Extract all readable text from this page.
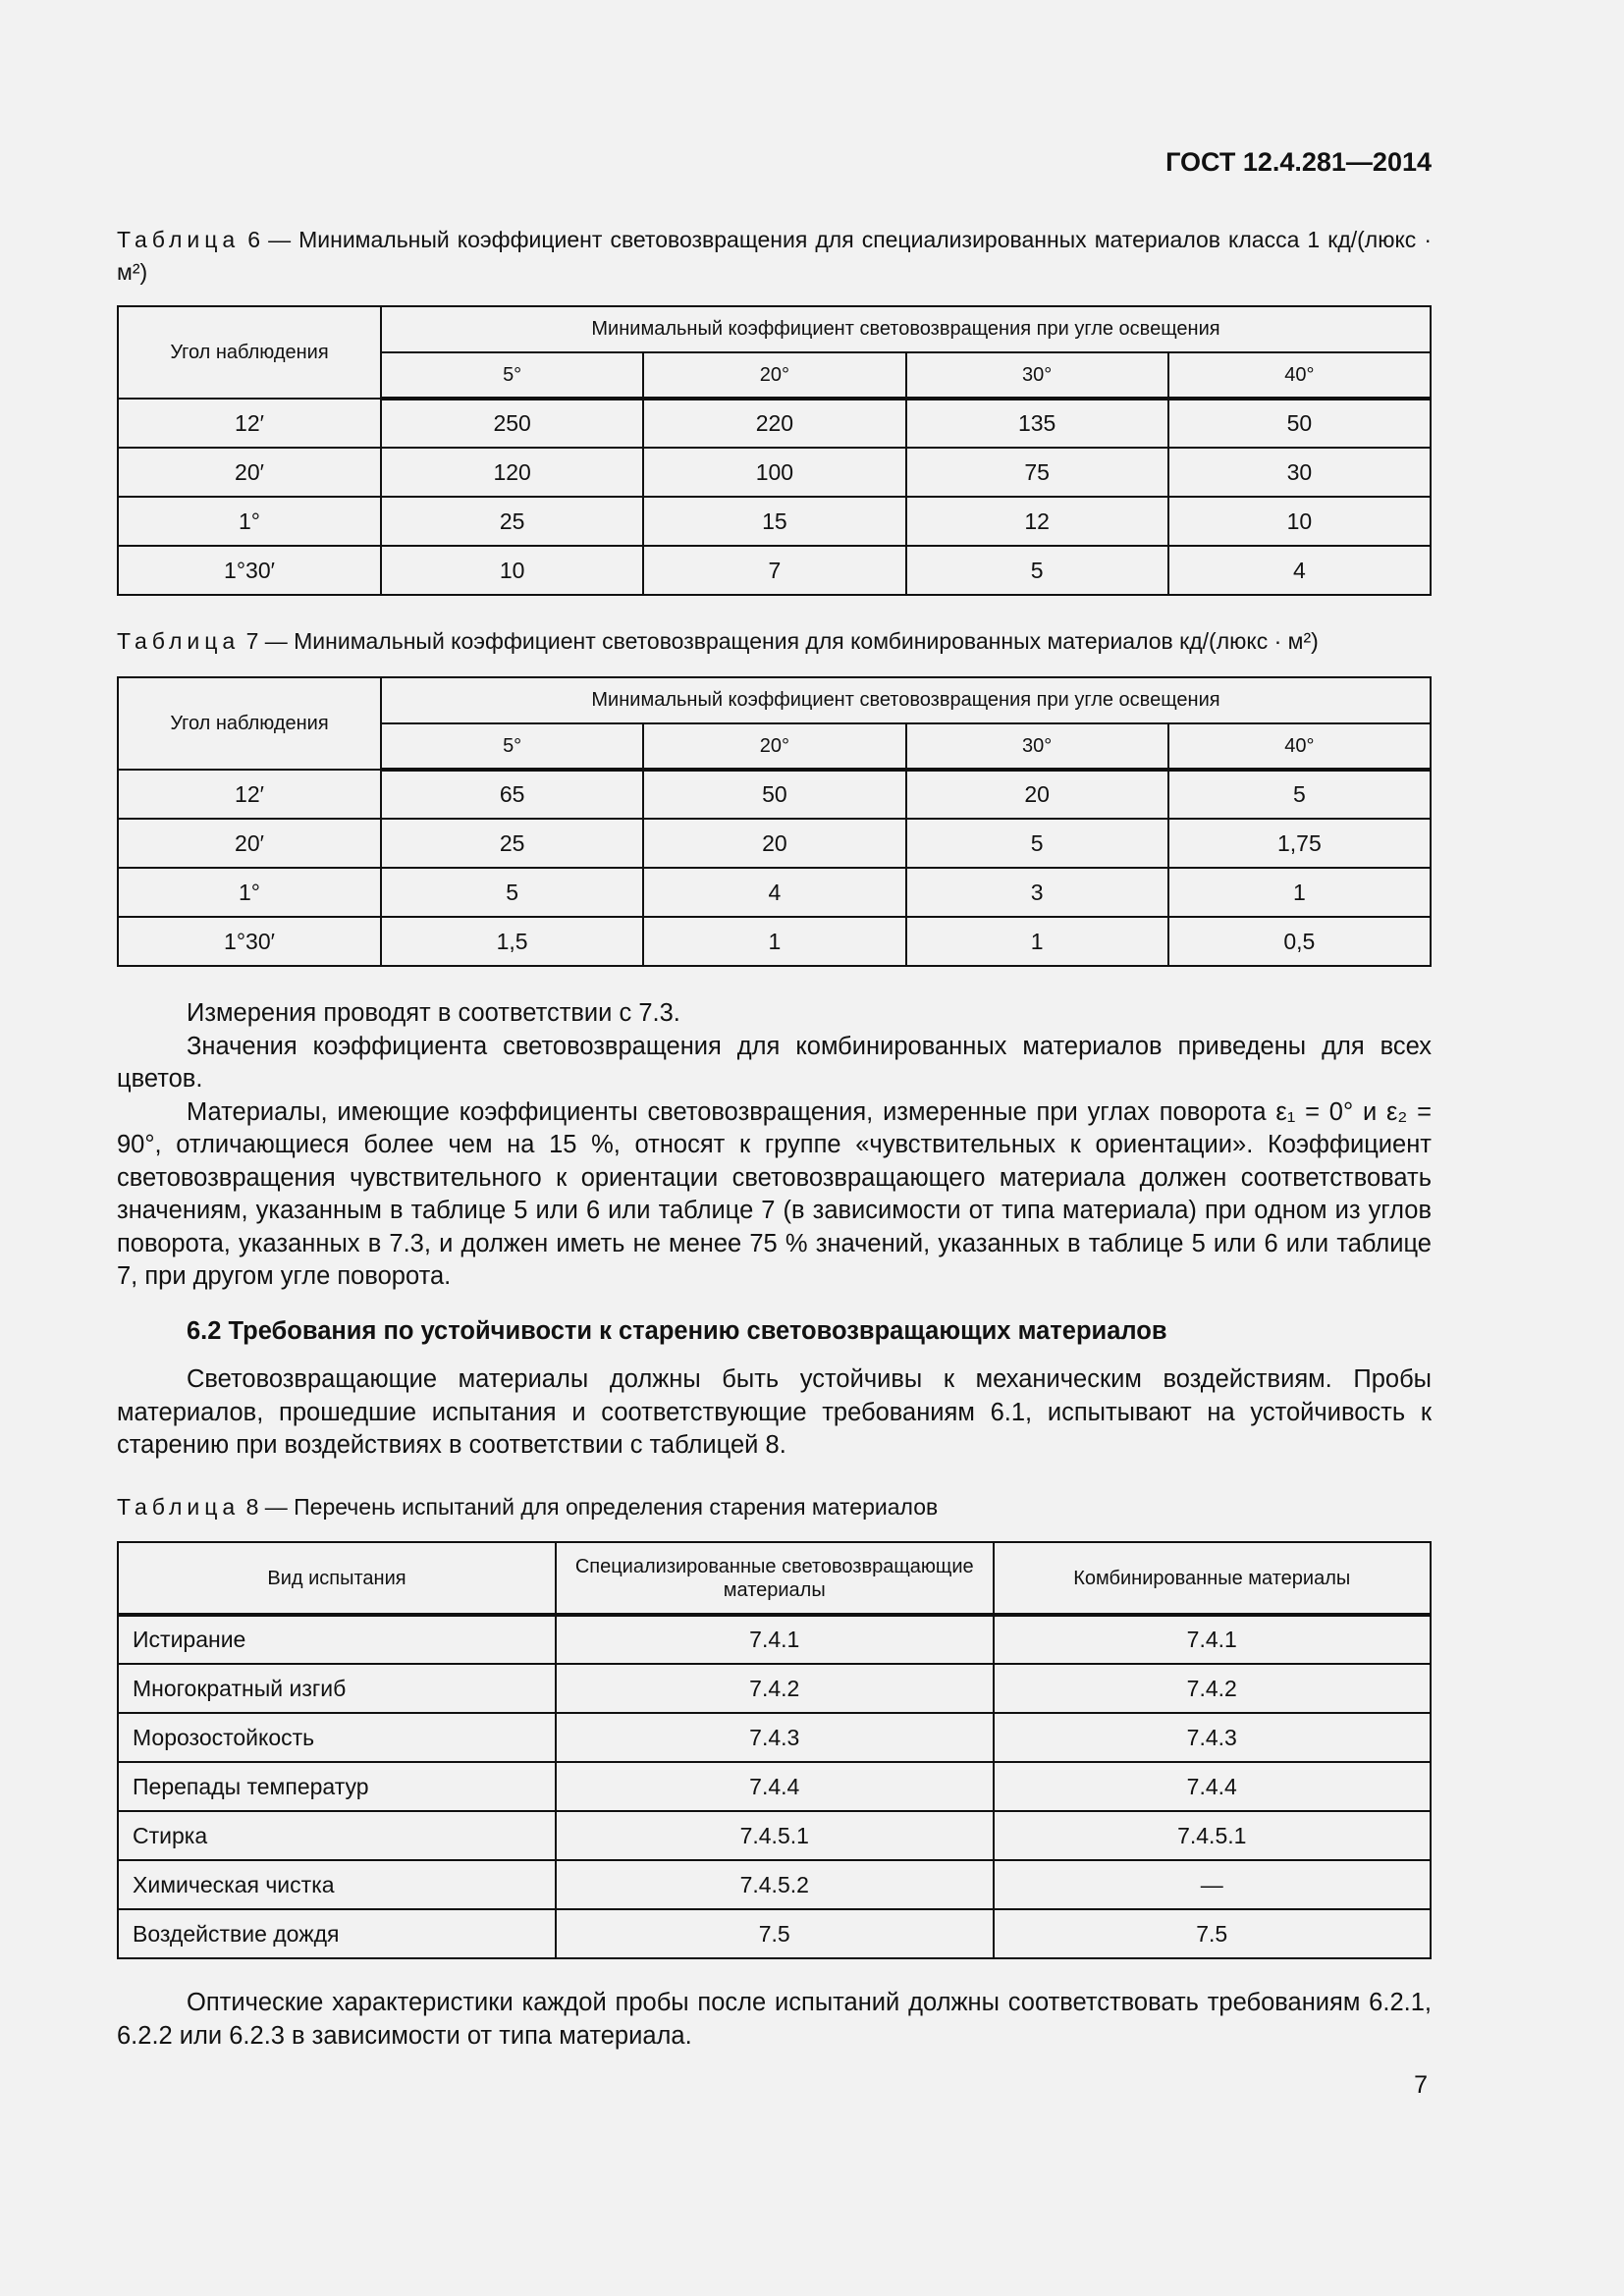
ГОСТ 12.4.281—2014
Таблица 6 — Минимальный коэффициент световозвращения для специализированных материалов класса 1 кд/(люкс · м²)
Угол наблюдения	Минимальный коэффициент световозвращения при угле освещения			
	5°	20°	30°	40°
12′	250	220	135	50
20′	120	100	75	30
1°	25	15	12	10
1°30′	10	7	5	4
Таблица 7 — Минимальный коэффициент световозвращения для комбинированных материалов кд/(люкс · м²)
Угол наблюдения	Минимальный коэффициент световозвращения при угле освещения			
	5°	20°	30°	40°
12′	65	50	20	5
20′	25	20	5	1,75
1°	5	4	3	1
1°30′	1,5	1	1	0,5

Измерения проводят в соответствии с 7.3.

Значения коэффициента световозвращения для комбинированных материалов приведены для всех цветов.

Материалы, имеющие коэффициенты световозвращения, измеренные при углах поворота ε₁ = 0° и ε₂ = 90°, отличающиеся более чем на 15 %, относят к группе «чувствительных к ориентации». Коэффициент световозвращения чувствительного к ориентации световозвращающего материала должен соответствовать значениям, указанным в таблице 5 или 6 или таблице 7 (в зависимости от типа материала) при одном из углов поворота, указанных в 7.3, и должен иметь не менее 75 % значений, указанных в таблице 5 или 6 или таблице 7, при другом угле поворота.

6.2 Требования по устойчивости к старению световозвращающих материалов

Световозвращающие материалы должны быть устойчивы к механическим воздействиям. Пробы материалов, прошедшие испытания и соответствующие требованиям 6.1, испытывают на устойчивость к старению при воздействиях в соответствии с таблицей 8.

Таблица 8 — Перечень испытаний для определения старения материалов
Вид испытания	Специализированные световозвращающие материалы	Комбинированные материалы
Истирание	7.4.1	7.4.1
Многократный изгиб	7.4.2	7.4.2
Морозостойкость	7.4.3	7.4.3
Перепады температур	7.4.4	7.4.4
Стирка	7.4.5.1	7.4.5.1
Химическая чистка	7.4.5.2	—
Воздействие дождя	7.5	7.5

Оптические характеристики каждой пробы после испытаний должны соответствовать требованиям 6.2.1, 6.2.2 или 6.2.3 в зависимости от типа материала.

7
